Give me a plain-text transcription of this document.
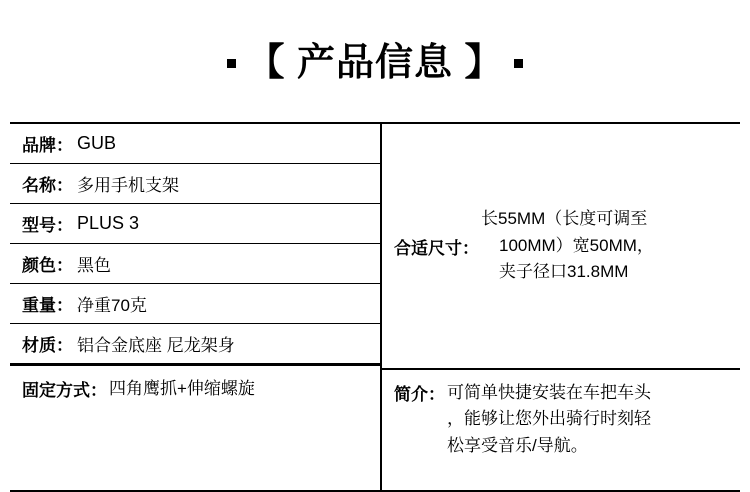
【 产品信息 】
品牌： GUB
名称： 多用手机支架
型号： PLUS 3
颜色： 黑色
重量： 净重70克
材质： 铝合金底座 尼龙架身
固定方式： 四角鹰抓+伸缩螺旋
合适尺寸：
长55MM（长度可调至
100MM）宽50MM，
夹子径口31.8MM
简介： 可简单快捷安装在车把车头
，能够让您外出骑行时刻轻
松享受音乐/导航。
